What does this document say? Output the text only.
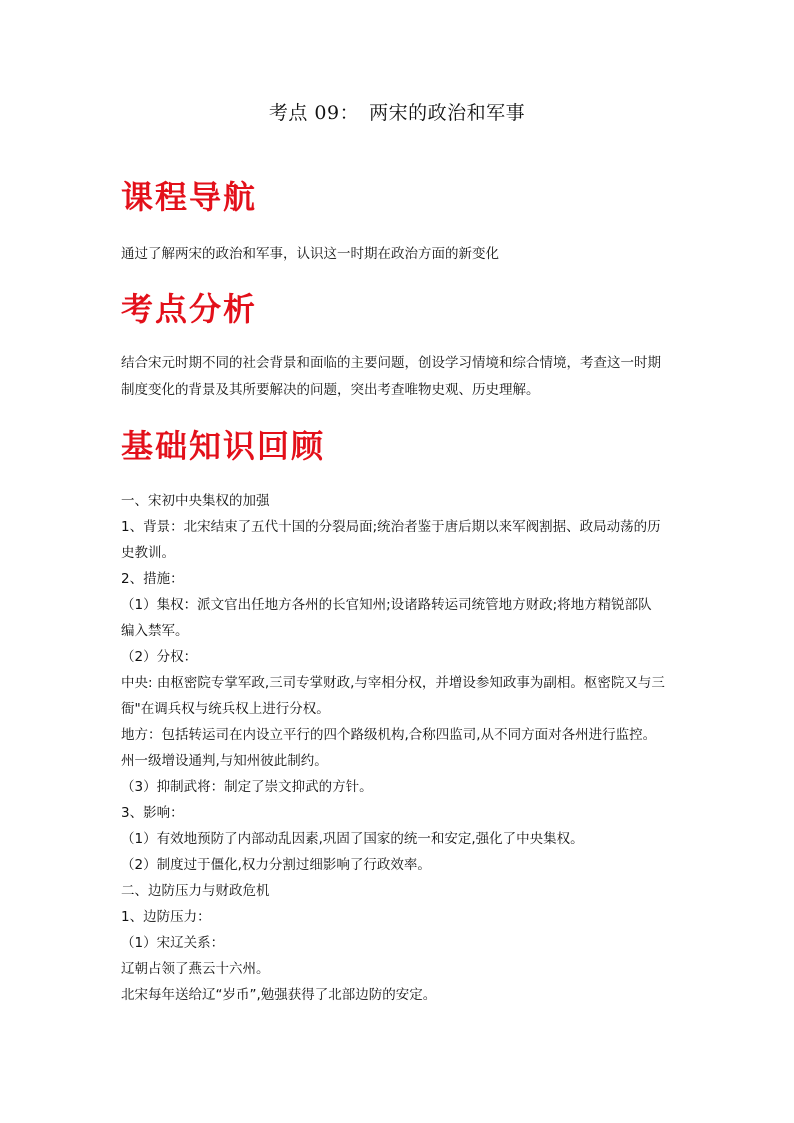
考点 09：　两宋的政治和军事
课程导航
通过了解两宋的政治和军事，认识这一时期在政治方面的新变化
考点分析
结合宋元时期不同的社会背景和面临的主要问题，创设学习情境和综合情境，考查这一时期
制度变化的背景及其所要解决的问题，突出考查唯物史观、历史理解。
基础知识回顾
一、宋初中央集权的加强
1、背景：北宋结束了五代十国的分裂局面;统治者鉴于唐后期以来军阀割据、政局动荡的历
史教训。
2、措施：
（1）集权：派文官出任地方各州的长官知州;设诸路转运司统管地方财政;将地方精锐部队
编入禁军。
（2）分权：
中央: 由枢密院专掌军政,三司专掌财政,与宰相分权，并增设参知政事为副相。枢密院又与三
衙"在调兵权与统兵权上进行分权。
地方：包括转运司在内设立平行的四个路级机构,合称四监司,从不同方面对各州进行监控。
州一级增设通判,与知州彼此制约。
（3）抑制武将：制定了崇文抑武的方针。
3、影响：
（1）有效地预防了内部动乱因素,巩固了国家的统一和安定,强化了中央集权。
（2）制度过于僵化,权力分割过细影响了行政效率。
二、边防压力与财政危机
1、边防压力：
（1）宋辽关系：
辽朝占领了燕云十六州。
北宋每年送给辽“岁币”,勉强获得了北部边防的安定。
